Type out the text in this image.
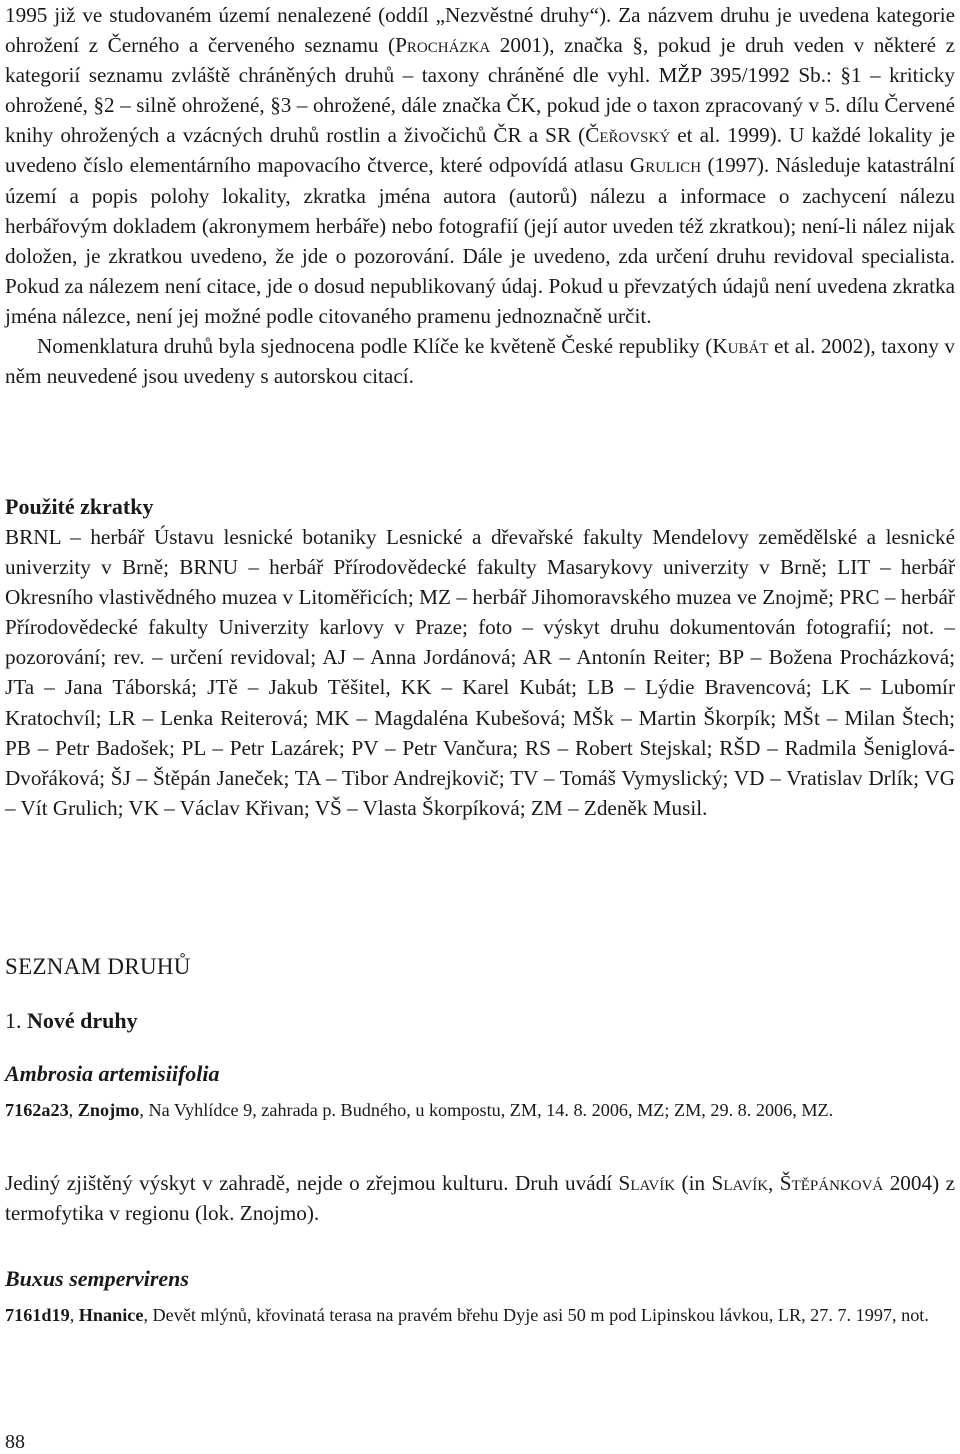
1995 již ve studovaném území nenalezené (oddíl „Nezvěstné druhy“). Za názvem druhu je uvedena kategorie ohrožení z Černého a červeného seznamu (Procházka 2001), značka §, pokud je druh veden v některé z kategorií seznamu zvláště chráněných druhů – taxony chráněné dle vyhl. MŽP 395/1992 Sb.: §1 – kriticky ohrožené, §2 – silně ohrožené, §3 – ohrožené, dále značka ČK, pokud jde o taxon zpracovaný v 5. dílu Červené knihy ohrožených a vzácných druhů rostlin a živočichů ČR a SR (Čeřovský et al. 1999). U každé lokality je uvedeno číslo elementárního mapovacího čtverce, které odpovídá atlasu Grulich (1997). Následuje katastrální území a popis polohy lokality, zkratka jména autora (autorů) nálezu a informace o zachycení nálezu herbářovým dokladem (akronymem herbáře) nebo fotografií (její autor uveden též zkratkou); není-li nález nijak doložen, je zkratkou uvedeno, že jde o pozorování. Dále je uvedeno, zda určení druhu revidoval specialista. Pokud za nálezem není citace, jde o dosud nepublikovaný údaj. Pokud u převzatých údajů není uvedena zkratka jména nálezce, není jej možné podle citovaného pramenu jednoznačně určit.

Nomenklatura druhů byla sjednocena podle Klíče ke květeně České republiky (Kubát et al. 2002), taxony v něm neuvedené jsou uvedeny s autorskou citací.

Použité zkratky

BRNL – herbář Ústavu lesnické botaniky Lesnické a dřevařské fakulty Mendelovy zemědělské a lesnické univerzity v Brně; BRNU – herbář Přírodovědecké fakulty Masarykovy univerzity v Brně; LIT – herbář Okresního vlastivědného muzea v Litoměřicích; MZ – herbář Jihomoravského muzea ve Znojmě; PRC – herbář Přírodovědecké fakulty Univerzity karlovy v Praze; foto – výskyt druhu dokumentován fotografií; not. – pozorování; rev. – určení revidoval; AJ – Anna Jordánová; AR – Antonín Reiter; BP – Božena Procházková; JTa – Jana Táborská; JTě – Jakub Těšitel, KK – Karel Kubát; LB – Lýdie Bravencová; LK – Lubomír Kratochvíl; LR – Lenka Reiterová; MK – Magdaléna Kubešová; MŠk – Martin Škorpík; MŠt – Milan Štech; PB – Petr Badošek; PL – Petr Lazárek; PV – Petr Vančura; RS – Robert Stejskal; RŠD – Radmila Šeniglová-Dvořáková; ŠJ – Štěpán Janeček; TA – Tibor Andrejkovič; TV – Tomáš Vymyslický; VD – Vratislav Drlík; VG – Vít Grulich; VK – Václav Křivan; VŠ – Vlasta Škorpíková; ZM – Zdeněk Musil.

SEZNAM DRUHŮ

1. Nové druhy

Ambrosia artemisiifolia

7162a23, Znojmo, Na Vyhlídce 9, zahrada p. Budného, u kompostu, ZM, 14. 8. 2006, MZ; ZM, 29. 8. 2006, MZ.

Jediný zjištěný výskyt v zahradě, nejde o zřejmou kulturu. Druh uvádí Slavík (in Slavík, Štěpánková 2004) z termofytika v regionu (lok. Znojmo).

Buxus sempervirens

7161d19, Hnanice, Devět mlýnů, křovinatá terasa na pravém břehu Dyje asi 50 m pod Lipinskou lávkou, LR, 27. 7. 1997, not.

88
